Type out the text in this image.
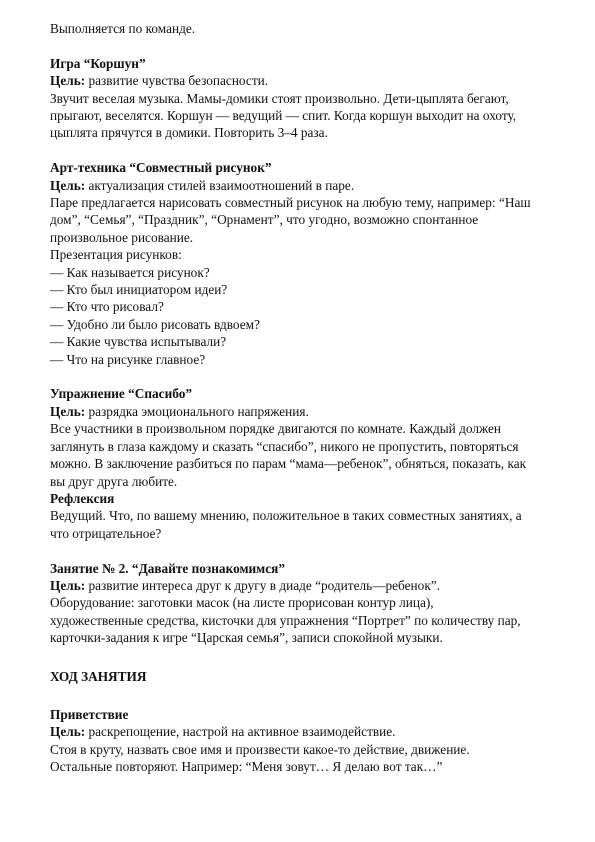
Выполняется по команде.
Игра “Коршун”
Цель: развитие чувства безопасности.
Звучит веселая музыка. Мамы-домики стоят произвольно. Дети-цыплята бегают,
прыгают, веселятся. Коршун — ведущий — спит. Когда коршун выходит на охоту,
цыплята прячутся в домики. Повторить 3–4 раза.
Арт-техника “Совместный рисунок”
Цель: актуализация стилей взаимоотношений в паре.
Паре предлагается нарисовать совместный рисунок на любую тему, например: “Наш
дом”, “Семья”, “Праздник”, “Орнамент”, что угодно, возможно спонтанное
произвольное рисование.
Презентация рисунков:
— Как называется рисунок?
— Кто был инициатором идеи?
— Кто что рисовал?
— Удобно ли было рисовать вдвоем?
— Какие чувства испытывали?
— Что на рисунке главное?
Упражнение “Спасибо”
Цель: разрядка эмоционального напряжения.
Все участники в произвольном порядке двигаются по комнате. Каждый должен
заглянуть в глаза каждому и сказать “спасибо”, никого не пропустить, повторяться
можно. В заключение разбиться по парам “мама—ребенок”, обняться, показать, как
вы друг друга любите.
Рефлексия
Ведущий. Что, по вашему мнению, положительное в таких совместных занятиях, а
что отрицательное?
Занятие № 2. “Давайте познакомимся”
Цель: развитие интереса друг к другу в диаде “родитель—ребенок”.
Оборудование: заготовки масок (на листе прорисован контур лица),
художественные средства, кисточки для упражнения “Портрет” по количеству пар,
карточки-задания к игре “Царская семья”, записи спокойной музыки.
ХОД ЗАНЯТИЯ
Приветствие
Цель: раскрепощение, настрой на активное взаимодействие.
Стоя в круту, назвать свое имя и произвести какое-то действие, движение.
Остальные повторяют. Например: “Меня зовут… Я делаю вот так…”
